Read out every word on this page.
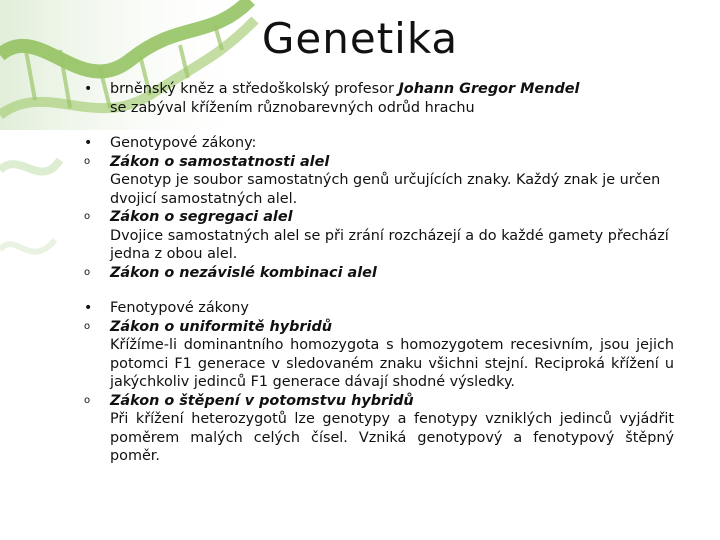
Genetika
•	brněnský kněz a středoškolský profesor Johann Gregor Mendel
se zabýval křížením různobarevných odrůd hrachu
•	Genotypové zákony:
o	Zákon o samostatnosti alel
Genotyp je soubor samostatných genů určujících znaky. Každý znak je určen dvojicí samostatných alel.
o	Zákon o segregaci alel
Dvojice samostatných alel se při zrání rozcházejí a do každé gamety přechází jedna z obou alel.
o	Zákon o nezávislé kombinaci alel
•	Fenotypové zákony
o	Zákon o uniformitě hybridů
Křížíme-li dominantního homozygota s homozygotem recesivním, jsou jejich potomci F1 generace v sledovaném znaku všichni stejní. Reciproká křížení u jakýchkoliv jedinců F1 generace dávají shodné výsledky.
o	Zákon o štěpení v potomstvu hybridů
Při křížení heterozygotů lze genotypy a fenotypy vzniklých jedinců vyjádřit poměrem malých celých čísel. Vzniká genotypový a fenotypový štěpný poměr.
